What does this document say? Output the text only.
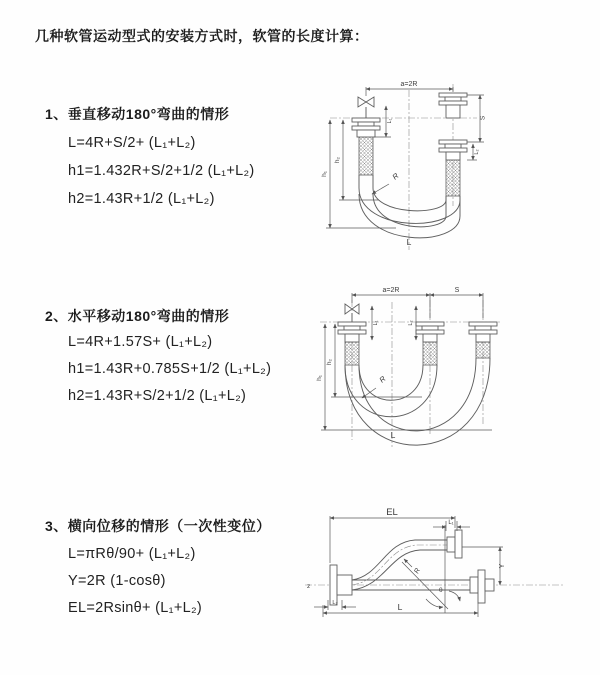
几种软管运动型式的安装方式时，软管的长度计算：
1、垂直移动180°弯曲的情形
L=4R+S/2+ (L₁+L₂)
h1=1.432R+S/2+1/2 (L₁+L₂)
h2=1.43R+1/2 (L₁+L₂)
a=2R
S
L₂
L₁
h₁
h₂
R
L
2、水平移动180°弯曲的情形
L=4R+1.57S+ (L₁+L₂)
h1=1.43R+0.785S+1/2 (L₁+L₂)
h2=1.43R+S/2+1/2 (L₁+L₂)
a=2R	S
L₁	L₂
h₁
h₂
R
L
3、横向位移的情形（一次性变位）
L=πRθ/90+ (L₁+L₂)
Y=2R (1-cosθ)
EL=2Rsinθ+ (L₁+L₂)
z
EL
L₁
Y
R
θ
L
L₂
